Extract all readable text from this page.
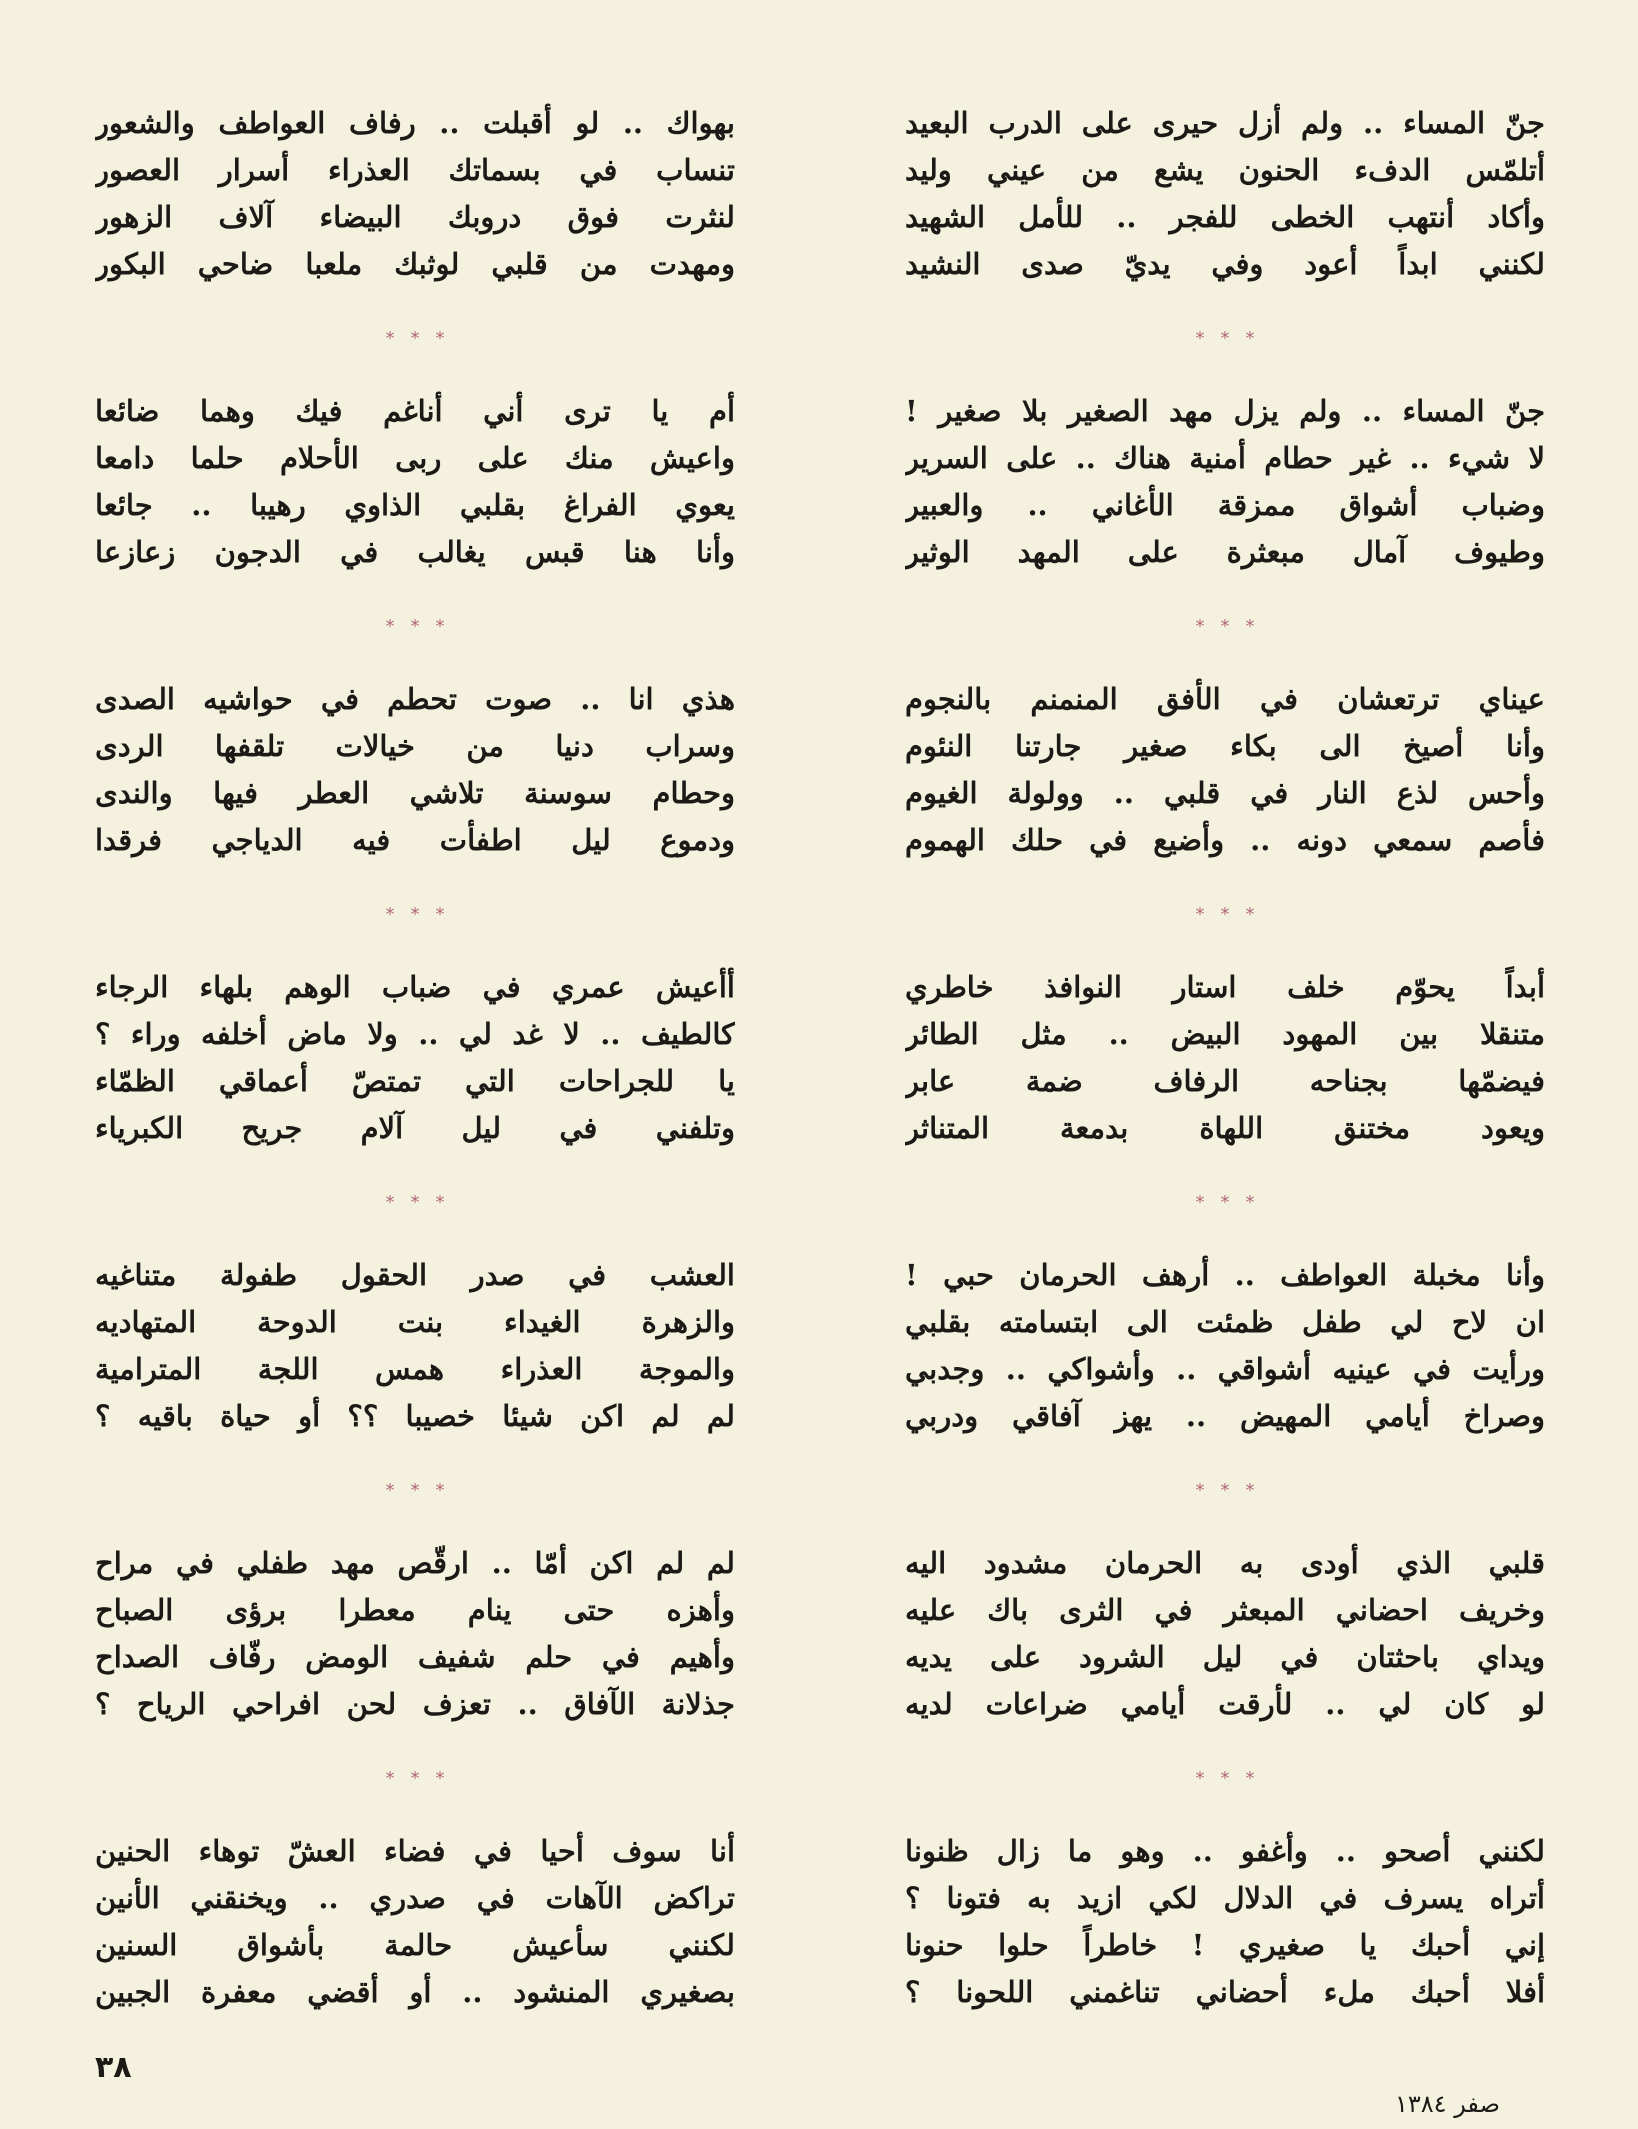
جنّ المساء .. ولم أزل حيرى على الدرب البعيد
أتلمّس الدفء الحنون يشع من عيني وليد
وأكاد أنتهب الخطى للفجر .. للأمل الشهيد
لكنني ابداً أعود وفي يديّ صدى النشيد
* * *
جنّ المساء .. ولم يزل مهد الصغير بلا صغير !
لا شيء .. غير حطام أمنية هناك .. على السرير
وضباب أشواق ممزقة الأغاني .. والعبير
وطيوف آمال مبعثرة على المهد الوثير
* * *
عيناي ترتعشان في الأفق المنمنم بالنجوم
وأنا أصيخ الى بكاء صغير جارتنا النئوم
وأحس لذع النار في قلبي .. وولولة الغيوم
فأصم سمعي دونه .. وأضيع في حلك الهموم
* * *
أبداً يحوّم خلف استار النوافذ خاطري
متنقلا بين المهود البيض .. مثل الطائر
فيضمّها بجناحه الرفاف ضمة عابر
ويعود مختنق اللهاة بدمعة المتناثر
* * *
وأنا مخبلة العواطف .. أرهف الحرمان حبي !
ان لاح لي طفل ظمئت الى ابتسامته بقلبي
ورأيت في عينيه أشواقي .. وأشواكي .. وجدبي
وصراخ أيامي المهيض .. يهز آفاقي ودربي
* * *
قلبي الذي أودى به الحرمان مشدود اليه
وخريف احضاني المبعثر في الثرى باك عليه
ويداي باحثتان في ليل الشرود على يديه
لو كان لي .. لأرقت أيامي ضراعات لديه
* * *
لكنني أصحو .. وأغفو .. وهو ما زال ظنونا
أتراه يسرف في الدلال لكي ازيد به فتونا ؟
إني أحبك يا صغيري ! خاطراً حلوا حنونا
أفلا أحبك ملء أحضاني تناغمني اللحونا ؟
بهواك .. لو أقبلت .. رفاف العواطف والشعور
تنساب في بسماتك العذراء أسرار العصور
لنثرت فوق دروبك البيضاء آلاف الزهور
ومهدت من قلبي لوثبك ملعبا ضاحي البكور
* * *
أم يا ترى أني أناغم فيك وهما ضائعا
واعيش منك على ربى الأحلام حلما دامعا
يعوي الفراغ بقلبي الذاوي رهيبا .. جائعا
وأنا هنا قبس يغالب في الدجون زعازعا
* * *
هذي انا .. صوت تحطم في حواشيه الصدى
وسراب دنيا من خيالات تلقفها الردى
وحطام سوسنة تلاشي العطر فيها والندى
ودموع ليل اطفأت فيه الدياجي فرقدا
* * *
أأعيش عمري في ضباب الوهم بلهاء الرجاء
كالطيف .. لا غد لي .. ولا ماض أخلفه وراء ؟
يا للجراحات التي تمتصّ أعماقي الظمّاء
وتلفني في ليل آلام جريح الكبرياء
* * *
العشب في صدر الحقول طفولة متناغيه
والزهرة الغيداء بنت الدوحة المتهاديه
والموجة العذراء همس اللجة المترامية
لم لم اكن شيئا خصيبا ؟؟ أو حياة باقيه ؟
* * *
لم لم اكن أمّا .. ارقّص مهد طفلي في مراح
وأهزه حتى ينام معطرا برؤى الصباح
وأهيم في حلم شفيف الومض رفّاف الصداح
جذلانة الآفاق .. تعزف لحن افراحي الرياح ؟
* * *
أنا سوف أحيا في فضاء العشّ توهاء الحنين
تراكض الآهات في صدري .. ويخنقني الأنين
لكنني سأعيش حالمة بأشواق السنين
بصغيري المنشود .. أو أقضي معفرة الجبين
٣٨
صفر ١٣٨٤
